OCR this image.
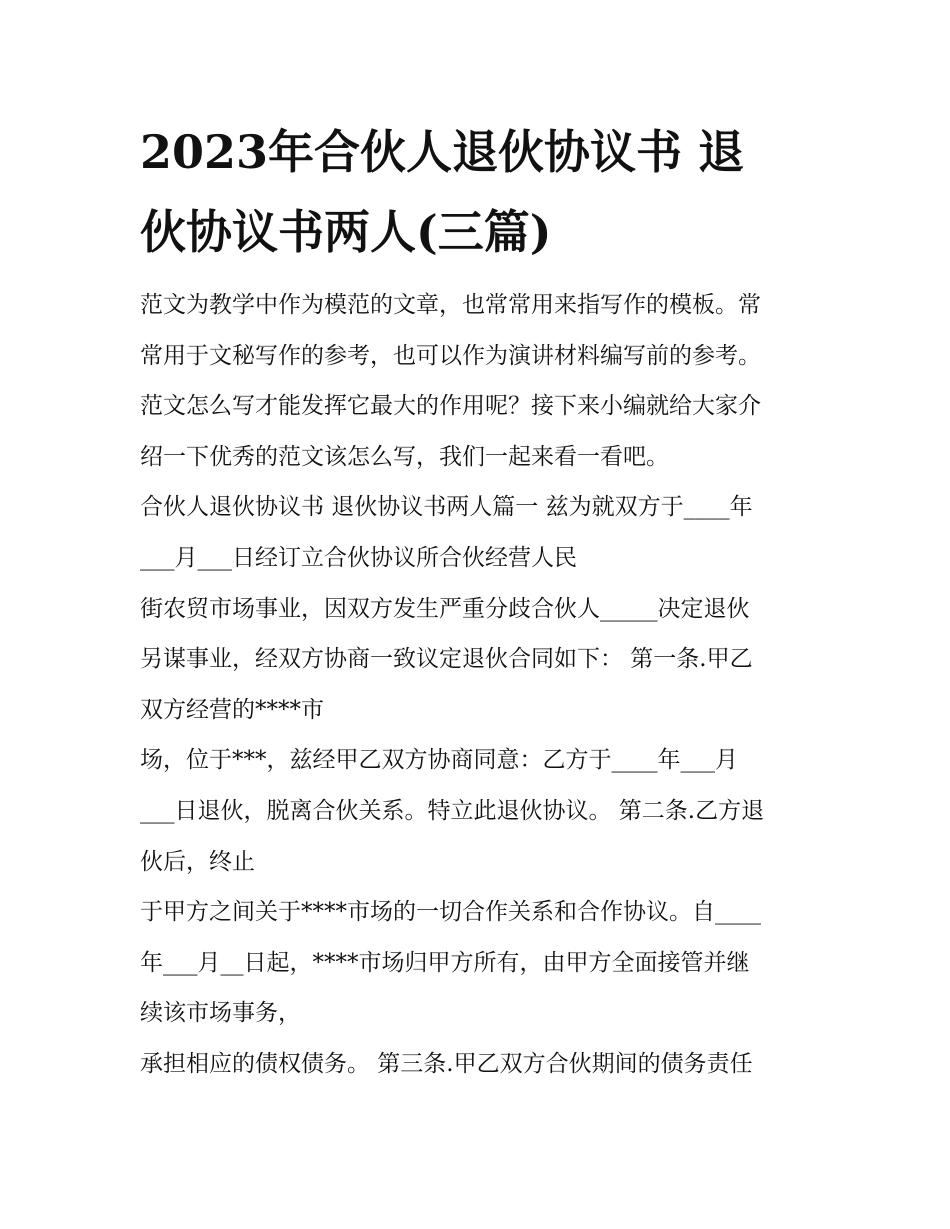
2023年合伙人退伙协议书 退
伙协议书两人(三篇)
范文为教学中作为模范的文章，也常常用来指写作的模板。常
常用于文秘写作的参考，也可以作为演讲材料编写前的参考。
范文怎么写才能发挥它最大的作用呢？接下来小编就给大家介
绍一下优秀的范文该怎么写，我们一起来看一看吧。
合伙人退伙协议书 退伙协议书两人篇一 兹为就双方于____年
___月___日经订立合伙协议所合伙经营人民
街农贸市场事业，因双方发生严重分歧合伙人_____决定退伙
另谋事业，经双方协商一致议定退伙合同如下： 第一条.甲乙
双方经营的****市
场，位于***，兹经甲乙双方协商同意：乙方于____年___月
___日退伙，脱离合伙关系。特立此退伙协议。 第二条.乙方退
伙后，终止
于甲方之间关于****市场的一切合作关系和合作协议。自____
年___月__日起，****市场归甲方所有，由甲方全面接管并继
续该市场事务，
承担相应的债权债务。 第三条.甲乙双方合伙期间的债务责任
